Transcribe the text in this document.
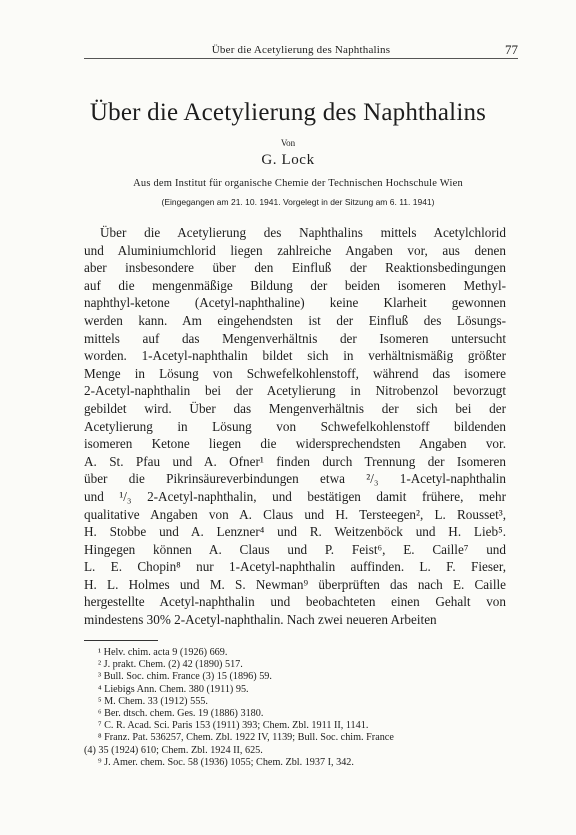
Über die Acetylierung des Naphthalins	77
Über die Acetylierung des Naphthalins
Von
G. Lock
Aus dem Institut für organische Chemie der Technischen Hochschule Wien
(Eingegangen am 21. 10. 1941. Vorgelegt in der Sitzung am 6. 11. 1941)
Über die Acetylierung des Naphthalins mittels Acetylchlorid
und Aluminiumchlorid liegen zahlreiche Angaben vor, aus denen
aber insbesondere über den Einfluß der Reaktionsbedingungen
auf die mengenmäßige Bildung der beiden isomeren Methyl-
naphthyl-ketone (Acetyl-naphthaline) keine Klarheit gewonnen
werden kann. Am eingehendsten ist der Einfluß des Lösungs-
mittels auf das Mengenverhältnis der Isomeren untersucht
worden. 1-Acetyl-naphthalin bildet sich in verhältnismäßig größter
Menge in Lösung von Schwefelkohlenstoff, während das isomere
2-Acetyl-naphthalin bei der Acetylierung in Nitrobenzol bevorzugt
gebildet wird. Über das Mengenverhältnis der sich bei der
Acetylierung in Lösung von Schwefelkohlenstoff bildenden
isomeren Ketone liegen die widersprechendsten Angaben vor.
A. St. Pfau und A. Ofner¹ finden durch Trennung der Isomeren
über die Pikrinsäureverbindungen etwa ²/₃ 1-Acetyl-naphthalin
und ¹/₃ 2-Acetyl-naphthalin, und bestätigen damit frühere, mehr
qualitative Angaben von A. Claus und H. Tersteegen², L. Rousset³,
H. Stobbe und A. Lenzner⁴ und R. Weitzenböck und H. Lieb⁵.
Hingegen können A. Claus und P. Feist⁶, E. Caille⁷ und
L. E. Chopin⁸ nur 1-Acetyl-naphthalin auffinden. L. F. Fieser,
H. L. Holmes und M. S. Newman⁹ überprüften das nach E. Caille
hergestellte Acetyl-naphthalin und beobachteten einen Gehalt von
mindestens 30% 2-Acetyl-naphthalin. Nach zwei neueren Arbeiten
¹ Helv. chim. acta 9 (1926) 669.
² J. prakt. Chem. (2) 42 (1890) 517.
³ Bull. Soc. chim. France (3) 15 (1896) 59.
⁴ Liebigs Ann. Chem. 380 (1911) 95.
⁵ M. Chem. 33 (1912) 555.
⁶ Ber. dtsch. chem. Ges. 19 (1886) 3180.
⁷ C. R. Acad. Sci. Paris 153 (1911) 393; Chem. Zbl. 1911 II, 1141.
⁸ Franz. Pat. 536257, Chem. Zbl. 1922 IV, 1139; Bull. Soc. chim. France
(4) 35 (1924) 610; Chem. Zbl. 1924 II, 625.
⁹ J. Amer. chem. Soc. 58 (1936) 1055; Chem. Zbl. 1937 I, 342.
